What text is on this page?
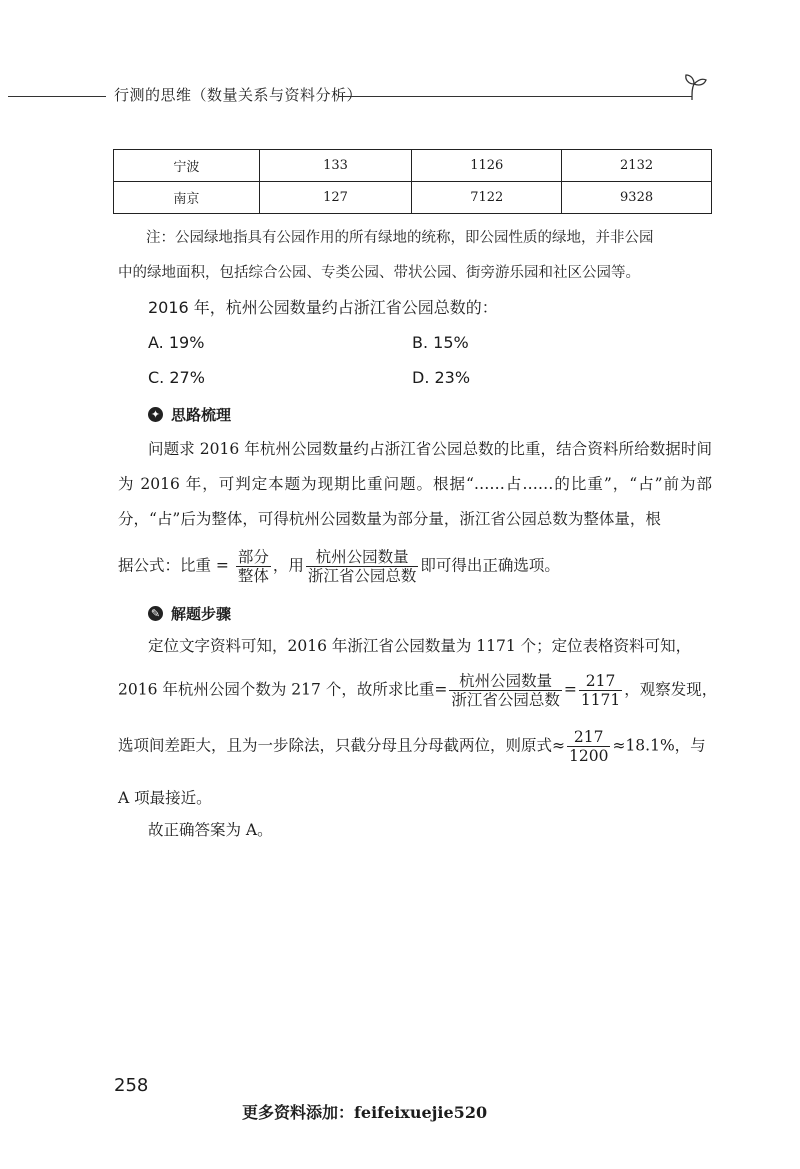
行测的思维（数量关系与资料分析）
宁波	133	1126	2132
南京	127	7122	9328
注：公园绿地指具有公园作用的所有绿地的统称，即公园性质的绿地，并非公园
中的绿地面积，包括综合公园、专类公园、带状公园、街旁游乐园和社区公园等。
2016 年，杭州公园数量约占浙江省公园总数的：
A. 19%	B. 15%
C. 27%	D. 23%
✦ 思路梳理
问题求 2016 年杭州公园数量约占浙江省公园总数的比重，结合资料所给数据时间为 2016 年，可判定本题为现期比重问题。根据“……占……的比重”，“占”前为部分，“占”后为整体，可得杭州公园数量为部分量，浙江省公园总数为整体量，根
据公式：比重 = $\frac{\text{部分}}{\text{整体}}$ ，用 $\frac{\text{杭州公园数量}}{\text{浙江省公园总数}}$ 即可得出正确选项。
✎ 解题步骤
定位文字资料可知，2016 年浙江省公园数量为 1171 个；定位表格资料可知，
2016 年杭州公园个数为 217 个，故所求比重= $\frac{\text{杭州公园数量}}{\text{浙江省公园总数}} = \frac{217}{1171}$ ，观察发现，
选项间差距大，且为一步除法，只截分母且分母截两位，则原式≈ $\frac{217}{1200} \approx 18.1\%$，与
A 项最接近。
故正确答案为 A。
258
更多资料添加：feifeixuejie520
